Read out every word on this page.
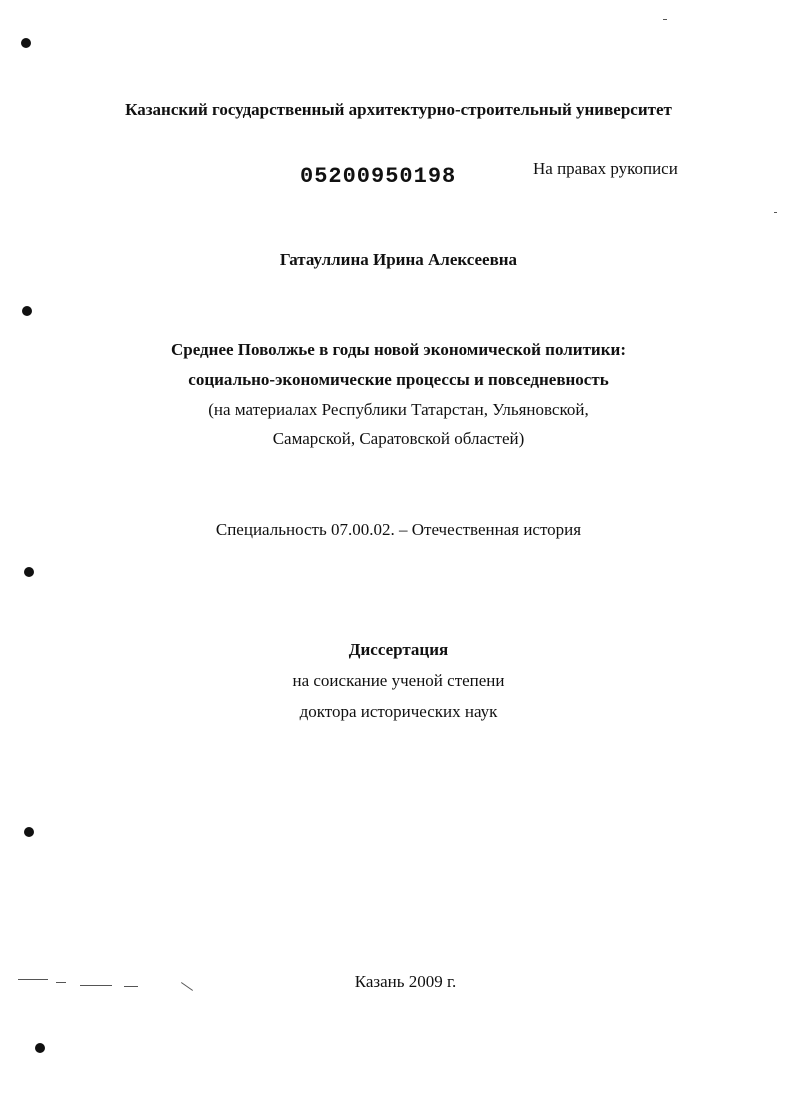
Казанский государственный архитектурно-строительный университет
05200950198	На правах рукописи
Гатауллина Ирина Алексеевна
Среднее Поволжье в годы новой экономической политики:
социально-экономические процессы и повседневность
(на материалах Республики Татарстан, Ульяновской,
Самарской, Саратовской областей)
Специальность 07.00.02. – Отечественная история
Диссертация
на соискание ученой степени
доктора исторических наук
Казань 2009 г.
